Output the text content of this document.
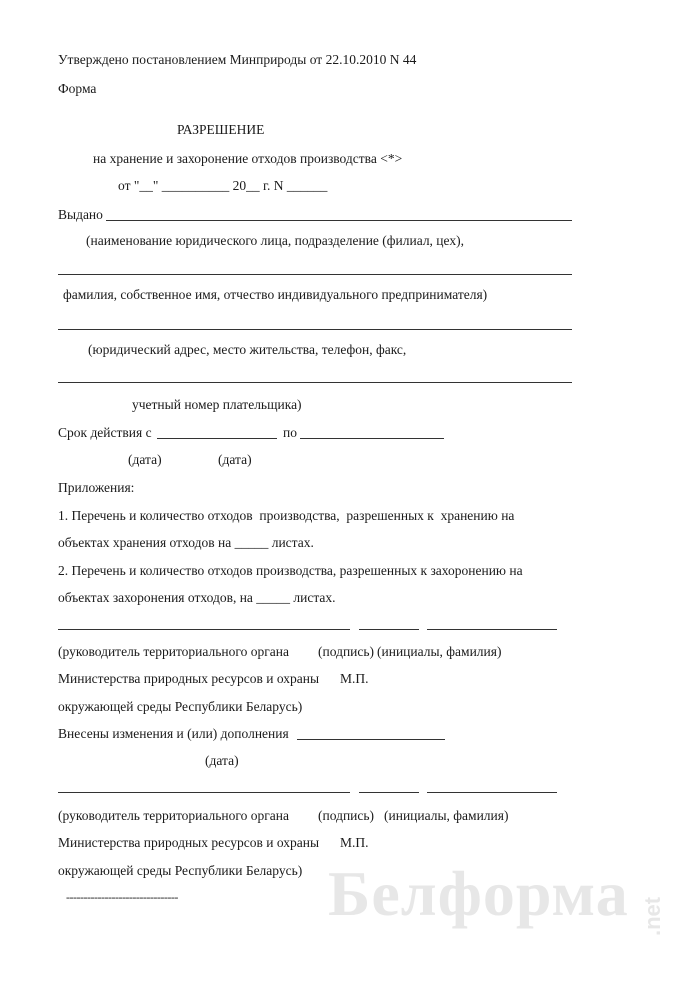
Утверждено постановлением Минприроды от 22.10.2010 N 44
Форма
РАЗРЕШЕНИЕ
на хранение и захоронение отходов производства <*>
от "__" __________ 20__ г. N ______
Выдано
(наименование юридического лица, подразделение (филиал, цех),
фамилия, собственное имя, отчество индивидуального предпринимателя)
(юридический адрес, место жительства, телефон, факс,
учетный номер плательщика)
Срок действия с	по
(дата)	(дата)
Приложения:
1. Перечень и количество отходов  производства,  разрешенных к  хранению на
объектах хранения отходов на _____ листах.
2. Перечень и количество отходов производства, разрешенных к захоронению на
объектах захоронения отходов, на _____ листах.
(руководитель территориального органа (подпись) (инициалы, фамилия)
Министерства природных ресурсов и охраны М.П.
окружающей среды Республики Беларусь)
Внесены изменения и (или) дополнения
(дата)
(руководитель территориального органа (подпись) (инициалы, фамилия)
Министерства природных ресурсов и охраны М.П.
окружающей среды Республики Беларусь)
-------------------------------- Белформа .net
